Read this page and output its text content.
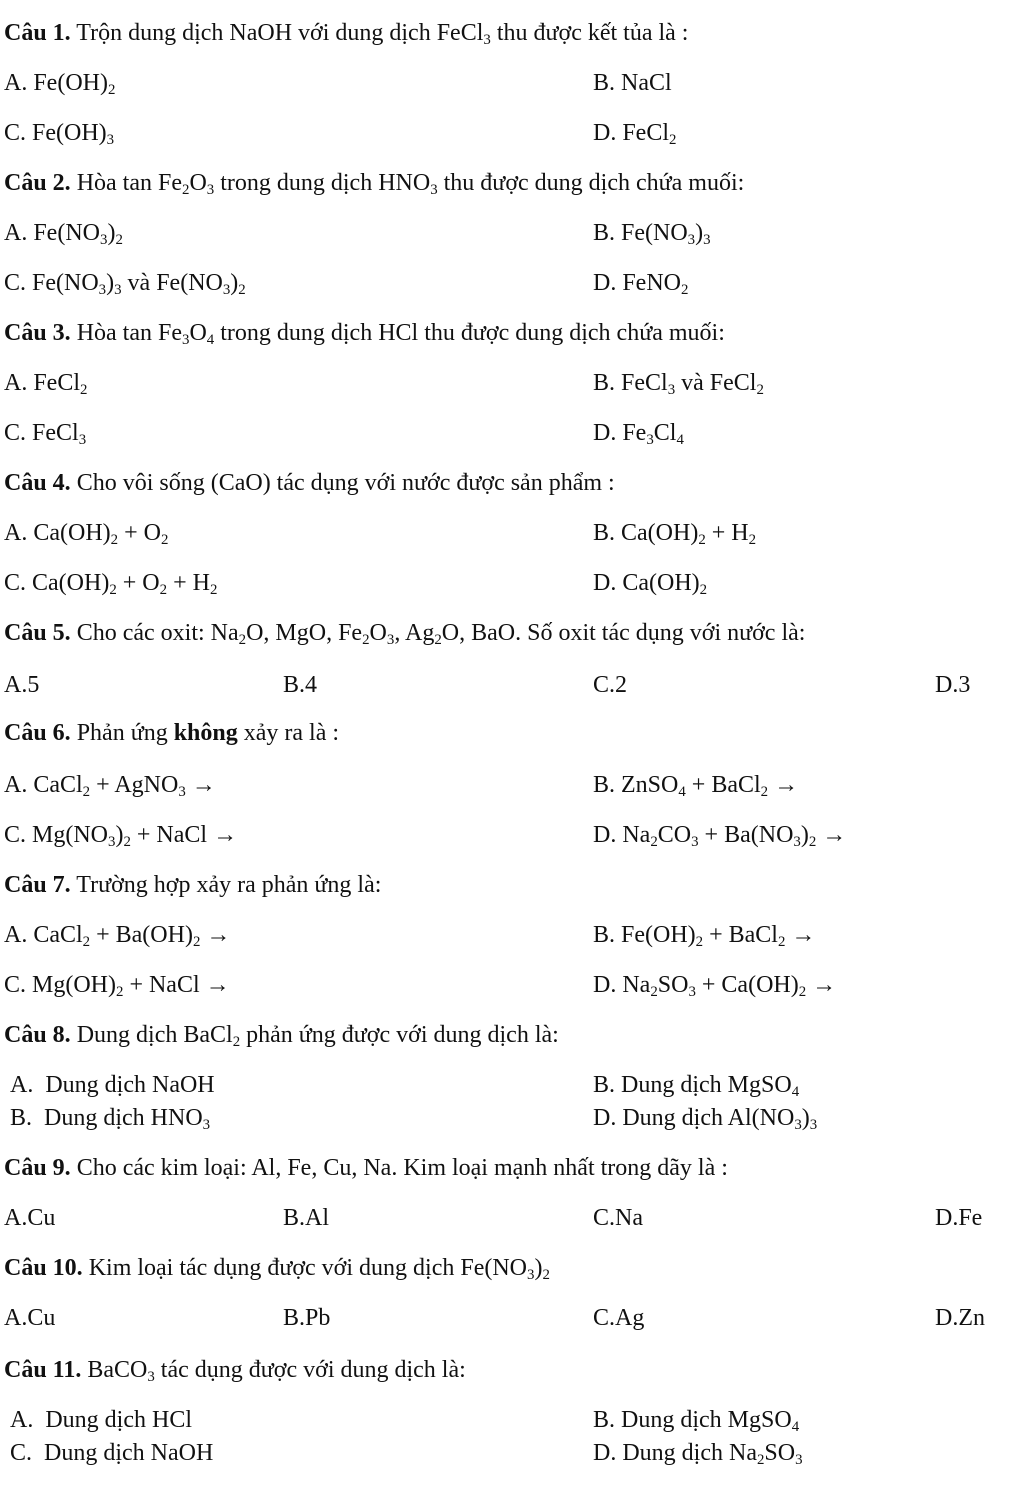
Câu 1. Trộn dung dịch NaOH với dung dịch FeCl$_3$ thu được kết tủa là :
A. $Fe(OH)_2$	B. NaCl
C. $Fe(OH)_3$	D. FeCl$_2$
Câu 2. Hòa $\tan Fe_2O_3$ trong dung dịch $HNO_3$ thu được dung dịch chứa muối:
A. $Fe(NO_3)_2$	B. $Fe(NO_3)_3$
C. $Fe(NO_3)_3$ và $Fe(NO_3)_2$	D. FeNO$_2$
Câu 3. Hòa $\tan Fe_3O_4$ trong dung dịch HCl thu được dung dịch chứa muối:
A. FeCl$_2$	B. FeCl$_3$ và FeCl$_2$
C. FeCl$_3$	D. $Fe_3Cl_4$
Câu 4. Cho vôi sống (CaO) tác dụng với nước được sản phẩm :
A. $Ca(OH)_2 + O_2$	B. $Ca(OH)_2 + H_2$
C. $Ca(OH)_2 + O_2 + H_2$	D. $Ca(OH)_2$
Câu 5. Cho các oxit: $Na_2O$, MgO, $Fe_2O_3$, $Ag_2O$, BaO. Số oxit tác dụng với nước là:
A.5	B.4	C.2	D.3
Câu 6. Phản ứng không xảy ra là :
A. CaCl$_2$ + AgNO$_3$ →	B. ZnSO$_4$ + BaCl$_2$ →
C. $Mg(NO_3)_2$ + NaCl →	D. $Na_2CO_3 + Ba(NO_3)_2$ →
Câu 7. Trường hợp xảy ra phản ứng là:
A. CaCl$_2$ + $Ba(OH)_2$ →	B. $Fe(OH)_2$ + BaCl$_2$ →
C. $Mg(OH)_2$ + NaCl →	D. $Na_2SO_3 + Ca(OH)_2$ →
Câu 8. Dung dịch BaCl$_2$ phản ứng được với dung dịch là:
A.  Dung dịch NaOH	B. Dung dịch MgSO$_4$
B.  Dung dịch $HNO_3$	D. Dung dịch $Al(NO_3)_3$
Câu 9. Cho các kim loại: Al, Fe, Cu, Na. Kim loại mạnh nhất trong dãy là :
A.Cu	B.Al	C.Na	D.Fe
Câu 10. Kim loại tác dụng được với dung dịch $Fe(NO_3)_2$
A.Cu	B.Pb	C.Ag	D.Zn
Câu 11. BaCO$_3$ tác dụng được với dung dịch là:
A.  Dung dịch HCl	B. Dung dịch MgSO$_4$
C.  Dung dịch NaOH	D. Dung dịch $Na_2SO_3$
